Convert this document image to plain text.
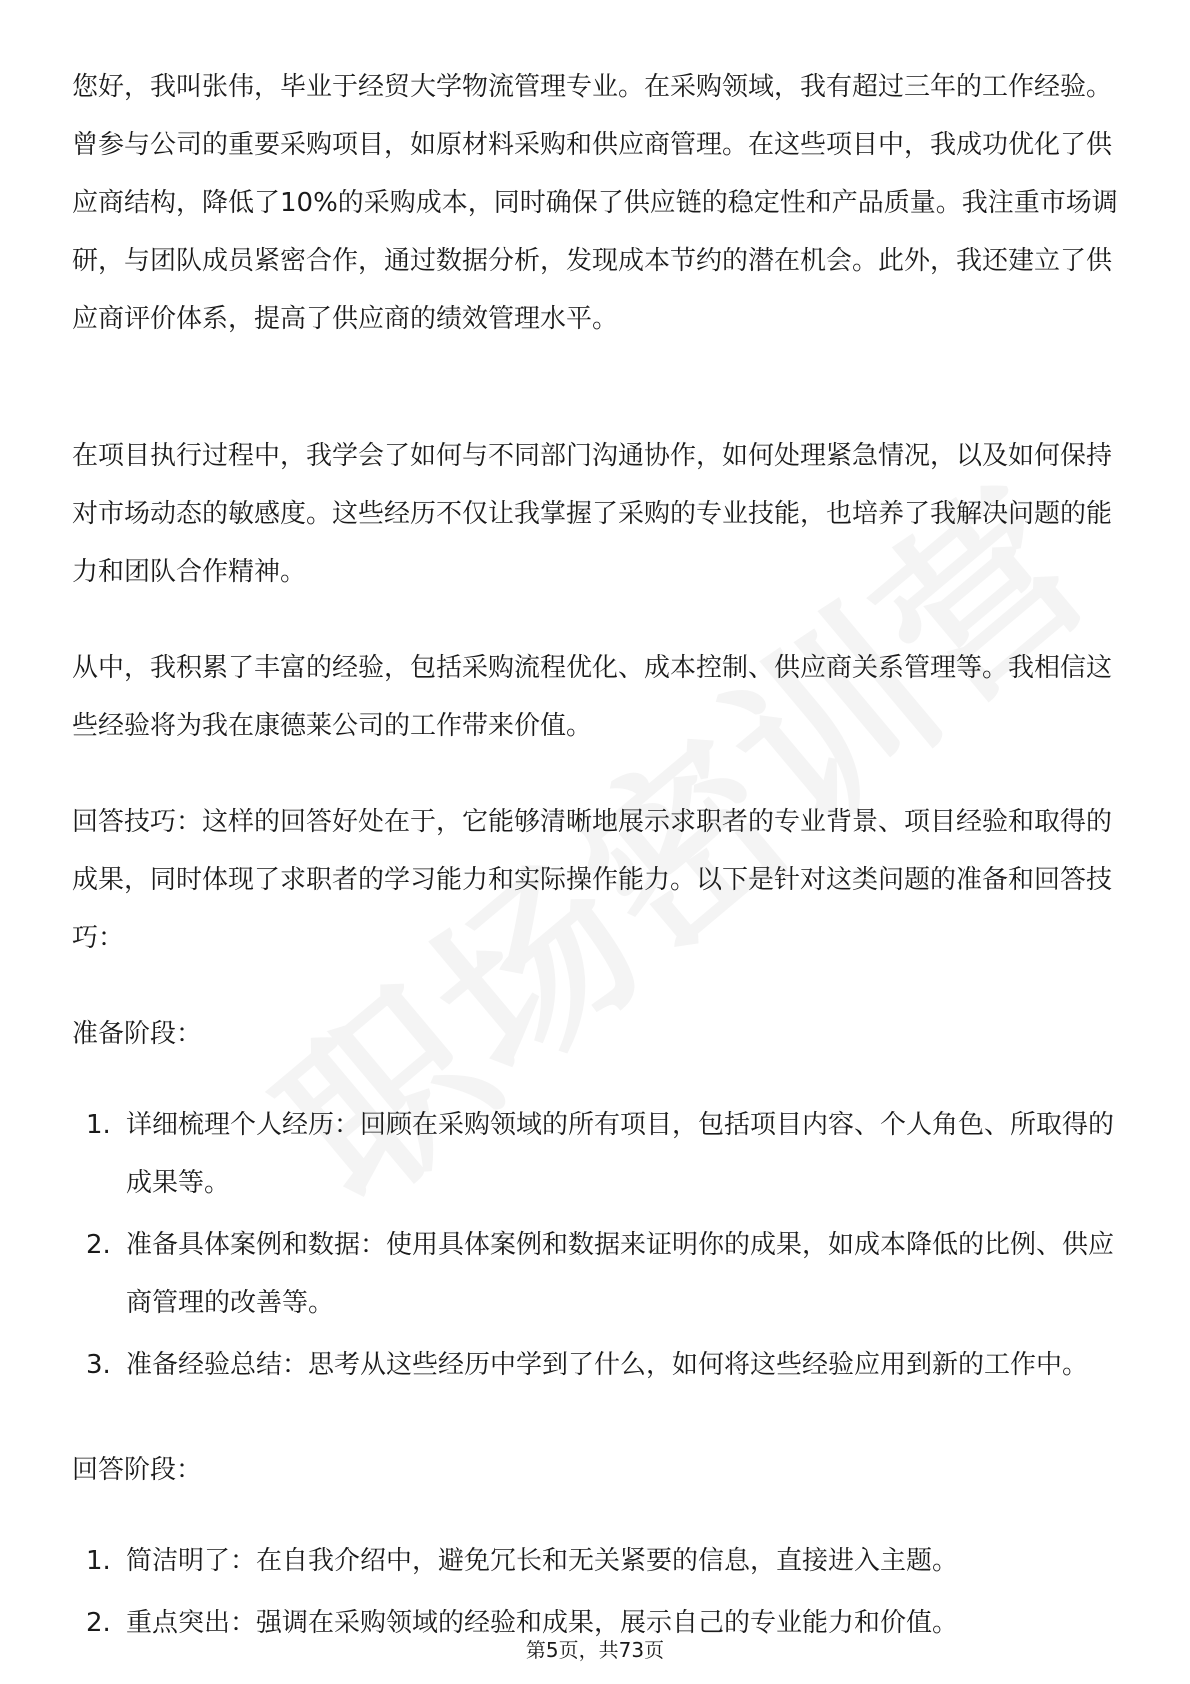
您好，我叫张伟，毕业于经贸大学物流管理专业。在采购领域，我有超过三年的工作经验。曾参与公司的重要采购项目，如原材料采购和供应商管理。在这些项目中，我成功优化了供应商结构，降低了10%的采购成本，同时确保了供应链的稳定性和产品质量。我注重市场调研，与团队成员紧密合作，通过数据分析，发现成本节约的潜在机会。此外，我还建立了供应商评价体系，提高了供应商的绩效管理水平。

在项目执行过程中，我学会了如何与不同部门沟通协作，如何处理紧急情况，以及如何保持对市场动态的敏感度。这些经历不仅让我掌握了采购的专业技能，也培养了我解决问题的能力和团队合作精神。

从中，我积累了丰富的经验，包括采购流程优化、成本控制、供应商关系管理等。我相信这些经验将为我在康德莱公司的工作带来价值。

回答技巧：这样的回答好处在于，它能够清晰地展示求职者的专业背景、项目经验和取得的成果，同时体现了求职者的学习能力和实际操作能力。以下是针对这类问题的准备和回答技巧：

准备阶段：

1. 详细梳理个人经历：回顾在采购领域的所有项目，包括项目内容、个人角色、所取得的成果等。
2. 准备具体案例和数据：使用具体案例和数据来证明你的成果，如成本降低的比例、供应商管理的改善等。
3. 准备经验总结：思考从这些经历中学到了什么，如何将这些经验应用到新的工作中。

回答阶段：

1. 简洁明了：在自我介绍中，避免冗长和无关紧要的信息，直接进入主题。
2. 重点突出：强调在采购领域的经验和成果，展示自己的专业能力和价值。
第5页，共73页
